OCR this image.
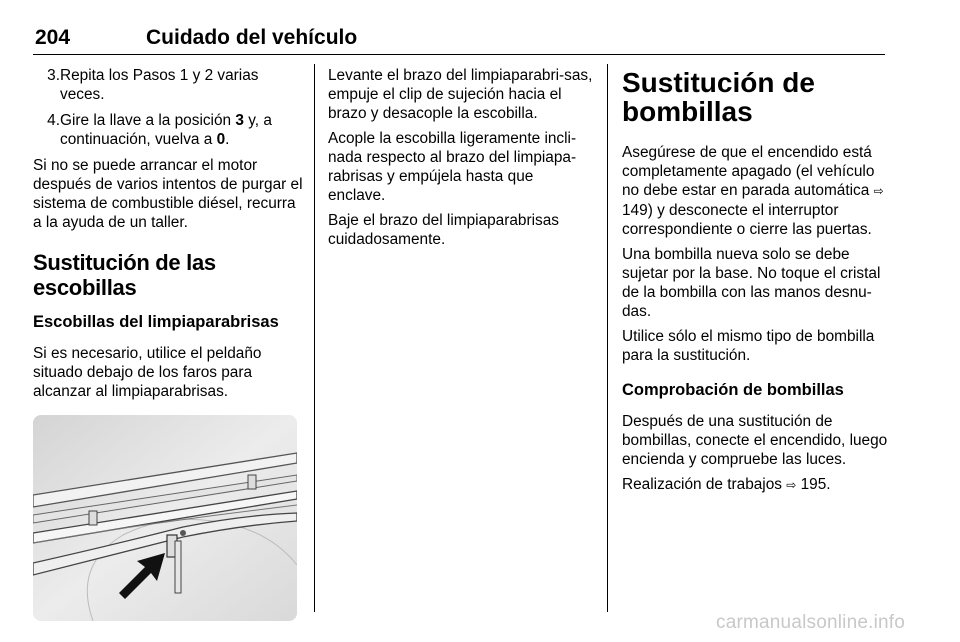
204	Cuidado del vehículo
3. Repita los Pasos 1 y 2 varias veces.
4. Gire la llave a la posición 3 y, a continuación, vuelva a 0.

Si no se puede arrancar el motor después de varios intentos de purgar el sistema de combustible diésel, recurra a la ayuda de un taller.

Sustitución de las escobillas
Escobillas del limpiaparabrisas

Si es necesario, utilice el peldaño situado debajo de los faros para alcanzar al limpiaparabrisas.

Levante el brazo del limpiaparabri-sas, empuje el clip de sujeción hacia el brazo y desacople la escobilla.

Acople la escobilla ligeramente incli-nada respecto al brazo del limpiapa-rabrisas y empújela hasta que enclave.

Baje el brazo del limpiaparabrisas cuidadosamente.

Sustitución de bombillas

Asegúrese de que el encendido está completamente apagado (el vehículo no debe estar en parada automática ⇨ 149) y desconecte el interruptor correspondiente o cierre las puertas.

Una bombilla nueva solo se debe sujetar por la base. No toque el cristal de la bombilla con las manos desnu-das.

Utilice sólo el mismo tipo de bombilla para la sustitución.

Comprobación de bombillas

Después de una sustitución de bombillas, conecte el encendido, luego encienda y compruebe las luces.

Realización de trabajos ⇨ 195.

carmanualsonline.info
